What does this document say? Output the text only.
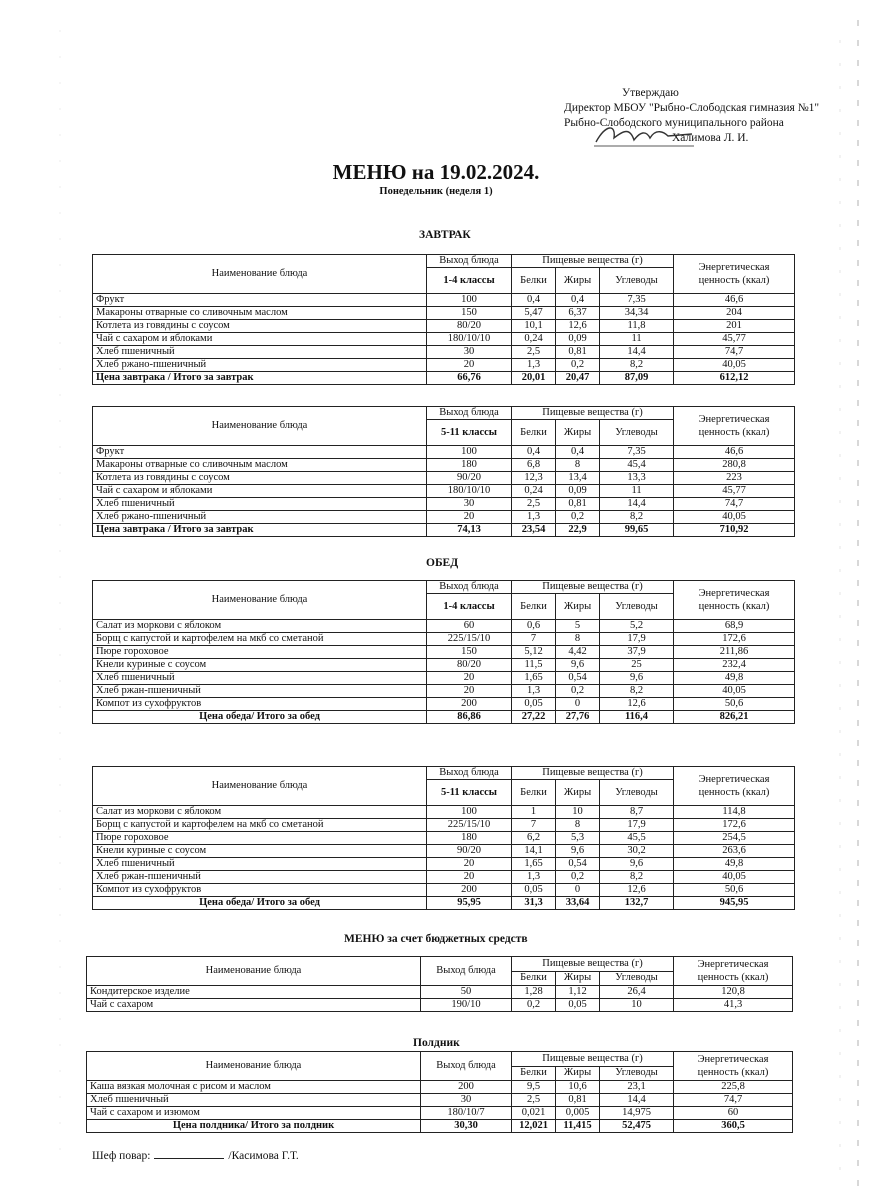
Утверждаю
Директор МБОУ "Рыбно-Слободская гимназия №1"
Рыбно-Слободского муниципального района
Халимова Л. И.
МЕНЮ на 19.02.2024.
Понедельник (неделя 1)
ЗАВТРАК
Наименование блюда	Выход блюда	Пищевые вещества (г)			Энергетическая
ценность (ккал)

	1-4 классы	Белки	Жиры	Углеводы	

Фрукт	100	0,4	0,4	7,35	46,6
Макароны отварные со сливочным маслом	150	5,47	6,37	34,34	204
Котлета из говядины с соусом	80/20	10,1	12,6	11,8	201
Чай с сахаром и яблоками	180/10/10	0,24	0,09	11	45,77
Хлеб пшеничный	30	2,5	0,81	14,4	74,7
Хлеб ржано-пшеничный	20	1,3	0,2	8,2	40,05
Цена завтрака / Итого за завтрак	66,76	20,01	20,47	87,09	612,12
Наименование блюда	Выход блюда	Пищевые вещества (г)			Энергетическая
ценность (ккал)

	5-11 классы	Белки	Жиры	Углеводы	

Фрукт	100	0,4	0,4	7,35	46,6
Макароны отварные со сливочным маслом	180	6,8	8	45,4	280,8
Котлета из говядины с соусом	90/20	12,3	13,4	13,3	223
Чай с сахаром и яблоками	180/10/10	0,24	0,09	11	45,77
Хлеб пшеничный	30	2,5	0,81	14,4	74,7
Хлеб ржано-пшеничный	20	1,3	0,2	8,2	40,05
Цена завтрака / Итого за завтрак	74,13	23,54	22,9	99,65	710,92
ОБЕД
Наименование блюда	Выход блюда	Пищевые вещества (г)			Энергетическая
ценность (ккал)

	1-4 классы	Белки	Жиры	Углеводы	

Салат из моркови с яблоком	60	0,6	5	5,2	68,9
Борщ с капустой и картофелем на мкб со сметаной	225/15/10	7	8	17,9	172,6
Пюре гороховое	150	5,12	4,42	37,9	211,86
Кнели куриные с соусом	80/20	11,5	9,6	25	232,4
Хлеб пшеничный	20	1,65	0,54	9,6	49,8
Хлеб ржан-пшеничный	20	1,3	0,2	8,2	40,05
Компот из сухофруктов	200	0,05	0	12,6	50,6
Цена обеда/ Итого за обед	86,86	27,22	27,76	116,4	826,21
Наименование блюда	Выход блюда	Пищевые вещества (г)			Энергетическая
ценность (ккал)

	5-11 классы	Белки	Жиры	Углеводы	

Салат из моркови с яблоком	100	1	10	8,7	114,8
Борщ с капустой и картофелем на мкб со сметаной	225/15/10	7	8	17,9	172,6
Пюре гороховое	180	6,2	5,3	45,5	254,5
Кнели куриные с соусом	90/20	14,1	9,6	30,2	263,6
Хлеб пшеничный	20	1,65	0,54	9,6	49,8
Хлеб ржан-пшеничный	20	1,3	0,2	8,2	40,05
Компот из сухофруктов	200	0,05	0	12,6	50,6
Цена обеда/ Итого за обед	95,95	31,3	33,64	132,7	945,95
МЕНЮ за счет бюджетных средств
Наименование блюда	Выход блюда	Пищевые вещества (г)			Энергетическая
ценность (ккал)

		Белки	Жиры	Углеводы	
Кондитерское изделие	50	1,28	1,12	26,4	120,8
Чай с сахаром	190/10	0,2	0,05	10	41,3
Полдник
Наименование блюда	Выход блюда	Пищевые вещества (г)			Энергетическая
ценность (ккал)

		Белки	Жиры	Углеводы	
Каша вязкая молочная с рисом и маслом	200	9,5	10,6	23,1	225,8
Хлеб пшеничный	30	2,5	0,81	14,4	74,7
Чай с сахаром и изюмом	180/10/7	0,021	0,005	14,975	60
Цена полдника/ Итого за полдник	30,30	12,021	11,415	52,475	360,5
Шеф повар:	/Касимова Г.Т.
